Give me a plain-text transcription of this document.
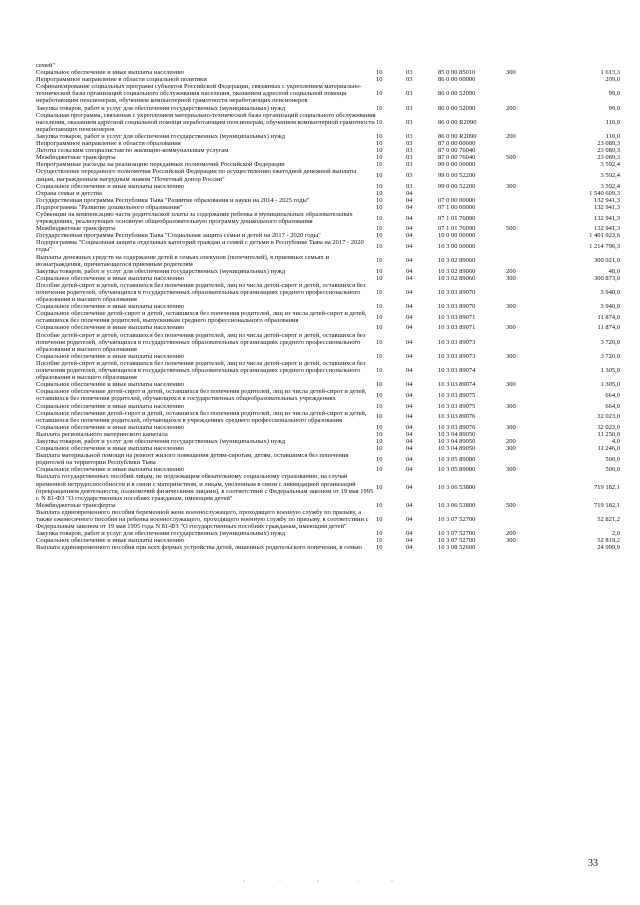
семей"					
Социальное обеспечение и иные выплаты населению	10	03	85 0 00 85010	300	1 613,3
Непрограммное направление в области социальной политики	10	03	86 0 00 00000		209,0
Софинансирование социальных программ субъектов Российской Федерации, связанных с укреплением материально-технической базы организаций социального обслуживания населения, оказанием адресной социальной помощи неработающим пенсионерам, обучением компьютерной грамотности неработающих пенсионеров	10	03	86 0 00 52090		99,0
Закупка товаров, работ и услуг для обеспечения государственных (муниципальных) нужд	10	03	86 0 00 52090	200	99,0
Социальная программа, связанная с укреплением материально-технической базы организаций социального обслуживания населения, оказанием адресной социальной помощи неработающим пенсионерам, обучением компьютерной грамотности неработающих пенсионеров	10	03	86 0 00 R2090		110,0
Закупка товаров, работ и услуг для обеспечения государственных (муниципальных) нужд	10	03	86 0 00 R2090	200	110,0
Непрограммное направление в области образования	10	03	87 0 00 00000		23 089,3
Льготы сельским специалистам по жилищно-коммунальным услугам	10	03	87 0 00 76040		23 089,3
Межбюджетные трансферты	10	03	87 0 00 76040	500	23 089,3
Непрограммные расходы на реализацию переданных полномочий Российской Федерации	10	03	99 0 00 00000		3 592,4
Осуществление переданного полномочия Российской Федерации по осуществлению ежегодной денежной выплаты лицам, награжденным нагрудным знаком "Почетный донор России"	10	03	99 0 00 52200		3 592,4
Социальное обеспечение и иные выплаты населению	10	03	99 0 00 52200	300	3 592,4
Охрана семьи и детства	10	04			1 540 609,3
Государственная программа Республики Тыва "Развитие образования и науки на 2014 - 2025 годы"	10	04	07 0 00 00000		132 941,3
Подпрограмма "Развитие дошкольного образования"	10	04	07 1 00 00000		132 941,3
Субвенции на компенсацию части родительской платы за содержание ребенка в муниципальных образовательных учреждениях, реализующих основную общеобразовательную программу дошкольного образования	10	04	07 1 01 76090		132 941,3
Межбюджетные трансферты	10	04	07 1 01 76090	500	132 941,3
Государственная программа Республики Тыва "Социальная защита семьи и детей на 2017 - 2020 годы"	10	04	10 0 00 00000		1 401 923,6
Подпрограмма "Социальная защита отдельных категорий граждан и семей с детьми в Республике Тыва на 2017 - 2020 годы"	10	04	10 3 00 00000		1 214 796,3
Выплаты денежных средств на содержание детей в семьях опекунов (попечителей), в приемных семьях и вознаграждения, причитающегося приемным родителям	10	04	10 3 02 89060		300 921,0
Закупка товаров, работ и услуг для обеспечения государственных (муниципальных) нужд	10	04	10 3 02 89060	200	48,0
Социальное обеспечение и иные выплаты населению	10	04	10 3 02 89060	300	300 873,0
Пособие детей-сирот и детей, оставшихся без попечения родителей, лиц из числа детей-сирот и детей, оставшихся без попечения родителей, обучающихся в государственных образовательных организациях среднего профессионального образования и высшего образования	10	04	10 3 03 89070		3 940,0
Социальное обеспечение и иные выплаты населению	10	04	10 3 03 89070	300	3 940,0
Социальное обеспечение детей-сирот и детей, оставшихся без попечения родителей, лиц из числа детей-сирот и детей, оставшихся без попечения родителей, выпускникам среднего профессионального образования	10	04	10 3 03 89071		11 874,0
Социальное обеспечение и иные выплаты населению	10	04	10 3 03 89071	300	11 874,0
Пособие детей-сирот и детей, оставшихся без попечения родителей, лиц из числа детей-сирот и детей, оставшихся без попечения родителей, обучающихся в государственных образовательных организациях среднего профессионального образования и высшего образования	10	04	10 3 03 89073		3 720,0
Социальное обеспечение и иные выплаты населению	10	04	10 3 03 89073	300	3 720,0
Пособие детей-сирот и детей, оставшихся без попечения родителей, лиц из числа детей-сирот и детей, оставшихся без попечения родителей, обучающихся в государственных образовательных организациях среднего профессионального образования и высшего образования	10	04	10 3 03 89074		1 305,0
Социальное обеспечение и иные выплаты населению	10	04	10 3 03 89074	300	1 305,0
Социальное обеспечение детей-сирот и детей, оставшихся без попечения родителей, лиц из числа детей-сирот и детей, оставшихся без попечения родителей, обучающихся в государственных общеобразовательных учреждениях	10	04	10 3 03 89075		664,0
Социальное обеспечение и иные выплаты населению	10	04	10 3 03 89075	300	664,0
Социальное обеспечение детей-сирот и детей, оставшихся без попечения родителей, лиц из числа детей-сирот и детей, оставшихся без попечения родителей, обучающихся в учреждениях среднего профессионального образования	10	04	10 3 03 89076		32 023,0
Социальное обеспечение и иные выплаты населению	10	04	10 3 03 89076	300	32 023,0
Выплата регионального материнского капитала	10	04	10 3 04 89050		11 250,0
Закупка товаров, работ и услуг для обеспечения государственных (муниципальных) нужд	10	04	10 3 04 89050	200	4,0
Социальное обеспечение и иные выплаты населению	10	04	10 3 04 89050	300	11 246,0
Выплата материальной помощи на ремонт жилого помещения детям-сиротам, детям, оставшимся без попечения родителей на территории Республики Тыва	10	04	10 3 05 89080		500,0
Социальное обеспечение и иные выплаты населению	10	04	10 3 05 89080	300	500,0
Выплата государственных пособий лицам, не подлежащим обязательному социальному страхованию, на случай временной нетрудоспособности и в связи с материнством, и лицам, уволенным в связи с ликвидацией организаций (прекращением деятельности, полномочий физическими лицами), в соответствии с Федеральным законом от 19 мая 1995 г. N 81-ФЗ "О государственных пособиях гражданам, имеющим детей"	10	04	10 3 06 53800		719 182,1
Межбюджетные трансферты	10	04	10 3 06 53800	500	719 182,1
Выплата единовременного пособия беременной жене военнослужащего, проходящего военную службу по призыву, а также ежемесячного пособия на ребенка военнослужащего, проходящего военную службу по призыву, в соответствии с Федеральным законом от 19 мая 1995 года N 81-ФЗ "О государственных пособиях гражданам, имеющим детей"	10	04	10 3 07 52700		52 821,2
Закупка товаров, работ и услуг для обеспечения государственных (муниципальных) нужд	10	04	10 3 07 52700	200	2,0
Социальное обеспечение и иные выплаты населению	10	04	10 3 07 52700	300	52 819,2
Выплата единовременного пособия при всех формах устройства детей, лишенных родительского попечения, в семью	10	04	10 3 08 52600		24 999,9
33
